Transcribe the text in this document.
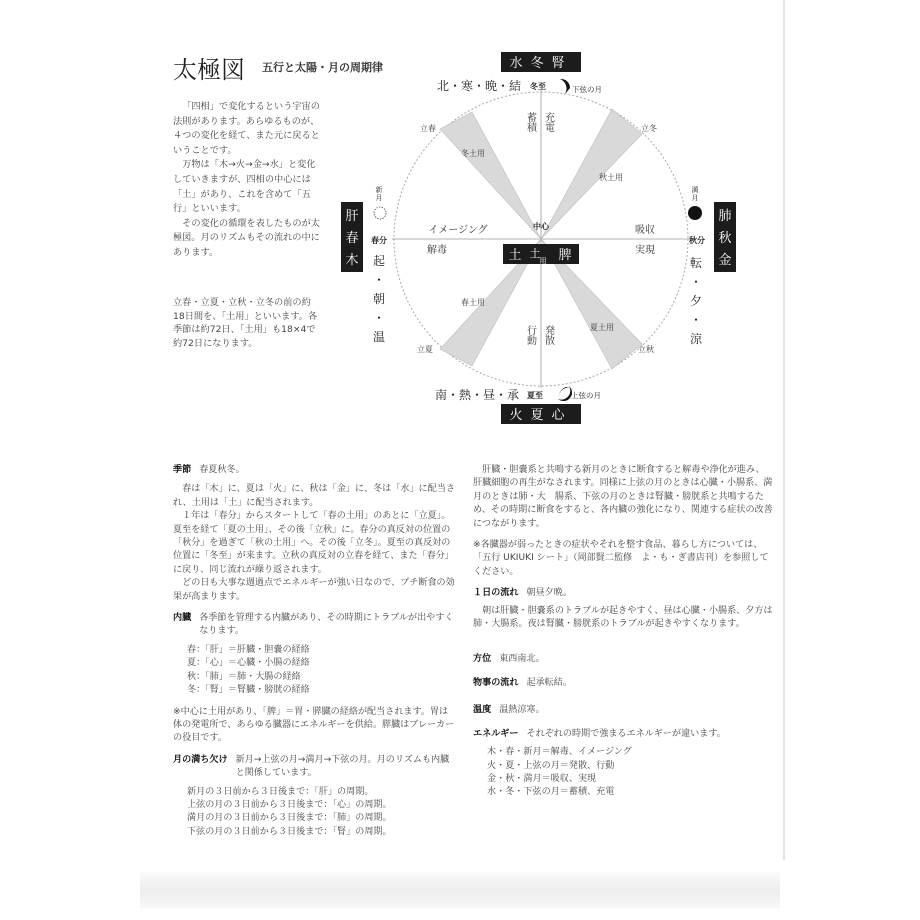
太極図 五行と太陽・月の周期律

「四相」で変化するという宇宙の法則があります。あらゆるものが、４つの変化を経て、また元に戻るということです。

万物は「木→火→金→水」と変化していきますが、四相の中心には「土」があり、これを含めて「五行」といいます。

その変化の循環を表したものが太極図。月のリズムもその流れの中にあります。

立春・立夏・立秋・立冬の前の約18日間を、「土用」といいます。各季節は約72日、「土用」も18×4で約72日になります。
冬土用
秋土用
春土用
夏土用
立春	立冬
立夏	立秋
水冬腎
北・寒・晩・結 冬至	下弦の月
火夏心
南・熱・昼・承 夏至	上弦の月
肝
春
木
春分
新
月
起
・
朝
・
温
肺
秋
金
秋分
満
月
転
・
夕
・
涼
中心
土 土
用 脾
蓄積 充電
行動 発散
イメージング
解毒
吸収
実現
季節 春夏秋冬。

春は「木」に、夏は「火」に、秋は「金」に、冬は「水」に配当され、土用は「土」に配当されます。

１年は「春分」からスタートして「春の土用」のあとに「立夏」。夏至を経て「夏の土用」、その後「立秋」に。春分の真反対の位置の「秋分」を過ぎて「秋の土用」へ。その後「立冬」。夏至の真反対の位置に「冬至」が来ます。立秋の真反対の立春を経て、また「春分」に戻り、同じ流れが繰り返されます。

どの日も大事な週過点でエネルギーが強い日なので、プチ断食の効果が高まります。

内臓 各季節を管理する内臓があり、その時期にトラブルが出やすくなります。
春：「肝」＝肝臓・胆嚢の経絡
夏：「心」＝心臓・小腸の経絡
秋：「肺」＝肺・大腸の経絡
冬：「腎」＝腎臓・膀胱の経絡

※中心に土用があり、「脾」＝胃・膵臓の経絡が配当されます。胃は体の発電所で、あらゆる臓器にエネルギーを供給。膵臓はブレーカーの役目です。

月の満ち欠け 新月→上弦の月→満月→下弦の月。月のリズムも内臓と関係しています。
新月の３日前から３日後まで：「肝」の周期。
上弦の月の３日前から３日後まで：「心」の周期。
満月の月の３日前から３日後まで：「肺」の周期。
下弦の月の３日前から３日後まで：「腎」の周期。

肝臓・胆嚢系と共鳴する新月のときに断食すると解毒や浄化が進み、肝臓細胞の再生がなされます。同様に上弦の月のときは心臓・小腸系、満月のときは肺・大　腸系、下弦の月のときは腎臓・膀胱系と共鳴するため、その時期に断食をすると、各内臓の強化になり、関連する症状の改善につながります。

※各臓器が弱ったときの症状やそれを整す食品、暮らし方については、「五行 UKIUKI シート」（岡部賢二監修　よ・も・ぎ書店刊）を参照してください。

１日の流れ 朝昼夕晩。

朝は肝臓・胆嚢系のトラブルが起きやすく、昼は心臓・小腸系、夕方は肺・大腸系。夜は腎臓・膀胱系のトラブルが起きやすくなります。

方位 東西南北。
物事の流れ 起承転結。
温度 温熱涼寒。
エネルギー それぞれの時期で強まるエネルギーが違います。
木・春・新月＝解毒、イメージング
火・夏・上弦の月＝発散、行動
金・秋・満月＝吸収、実現
水・冬・下弦の月＝蓄積、充電
